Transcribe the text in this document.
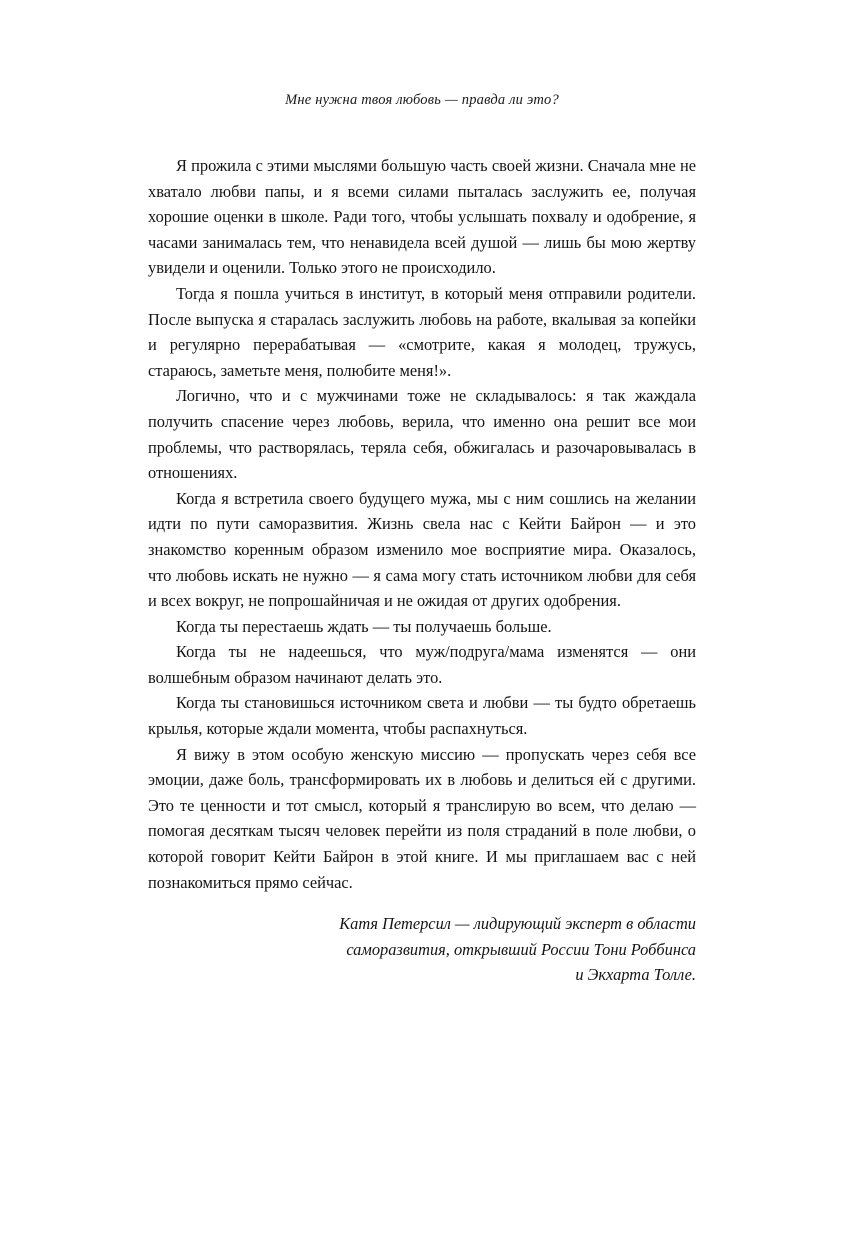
Мне нужна твоя любовь — правда ли это?

Я прожила с этими мыслями большую часть своей жизни. Сначала мне не хватало любви папы, и я всеми силами пыталась заслужить ее, получая хорошие оценки в школе. Ради того, чтобы услышать похвалу и одобрение, я часами занималась тем, что ненавидела всей душой — лишь бы мою жертву увидели и оценили. Только этого не происходило.

Тогда я пошла учиться в институт, в который меня отправили родители. После выпуска я старалась заслужить любовь на работе, вкалывая за копейки и регулярно перерабатывая — «смотрите, какая я молодец, тружусь, стараюсь, заметьте меня, полюбите меня!».

Логично, что и с мужчинами тоже не складывалось: я так жаждала получить спасение через любовь, верила, что именно она решит все мои проблемы, что растворялась, теряла себя, обжигалась и разочаровывалась в отношениях.

Когда я встретила своего будущего мужа, мы с ним сошлись на желании идти по пути саморазвития. Жизнь свела нас с Кейти Байрон — и это знакомство коренным образом изменило мое восприятие мира. Оказалось, что любовь искать не нужно — я сама могу стать источником любви для себя и всех вокруг, не попрошайничая и не ожидая от других одобрения.

Когда ты перестаешь ждать — ты получаешь больше.

Когда ты не надеешься, что муж/подруга/мама изменятся — они волшебным образом начинают делать это.

Когда ты становишься источником света и любви — ты будто обретаешь крылья, которые ждали момента, чтобы распахнуться.

Я вижу в этом особую женскую миссию — пропускать через себя все эмоции, даже боль, трансформировать их в любовь и делиться ей с другими. Это те ценности и тот смысл, который я транслирую во всем, что делаю — помогая десяткам тысяч человек перейти из поля страданий в поле любви, о которой говорит Кейти Байрон в этой книге. И мы приглашаем вас с ней познакомиться прямо сейчас.

Катя Петерсил — лидирующий эксперт в области
саморазвития, открывший России Тони Роббинса
и Экхарта Толле.
